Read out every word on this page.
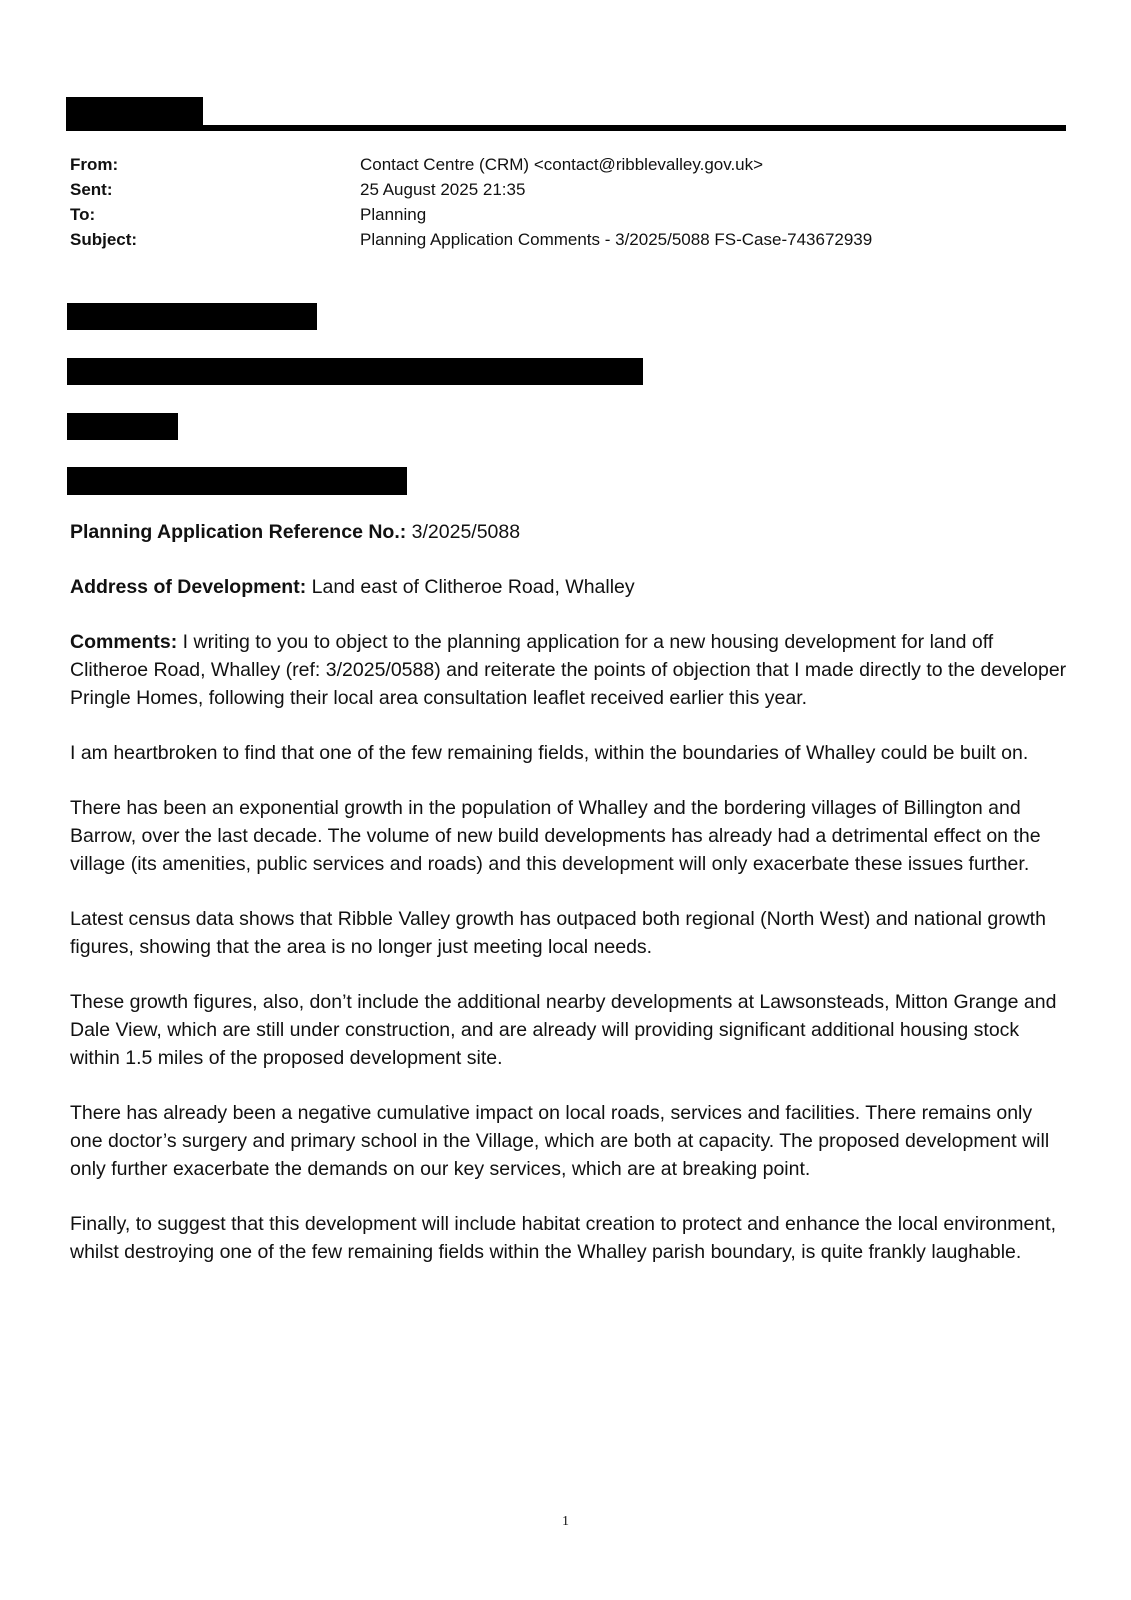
From:	Contact Centre (CRM) <contact@ribblevalley.gov.uk>
Sent:	25 August 2025 21:35
To:	Planning
Subject:	Planning Application Comments - 3/2025/5088 FS-Case-743672939

Planning Application Reference No.: 3/2025/5088

Address of Development: Land east of Clitheroe Road, Whalley

Comments: I writing to you to object to the planning application for a new housing development for land off Clitheroe Road, Whalley (ref: 3/2025/0588) and reiterate the points of objection that I made directly to the developer Pringle Homes, following their local area consultation leaflet received earlier this year.

I am heartbroken to find that one of the few remaining fields, within the boundaries of Whalley could be built on.

There has been an exponential growth in the population of Whalley and the bordering villages of Billington and Barrow, over the last decade. The volume of new build developments has already had a detrimental effect on the village (its amenities, public services and roads) and this development will only exacerbate these issues further.

Latest census data shows that Ribble Valley growth has outpaced both regional (North West) and national growth figures, showing that the area is no longer just meeting local needs.

These growth figures, also, don’t include the additional nearby developments at Lawsonsteads, Mitton Grange and Dale View, which are still under construction, and are already will providing significant additional housing stock within 1.5 miles of the proposed development site.

There has already been a negative cumulative impact on local roads, services and facilities. There remains only one doctor’s surgery and primary school in the Village, which are both at capacity. The proposed development will only further exacerbate the demands on our key services, which are at breaking point.

Finally, to suggest that this development will include habitat creation to protect and enhance the local environment, whilst destroying one of the few remaining fields within the Whalley parish boundary, is quite frankly laughable.

1
